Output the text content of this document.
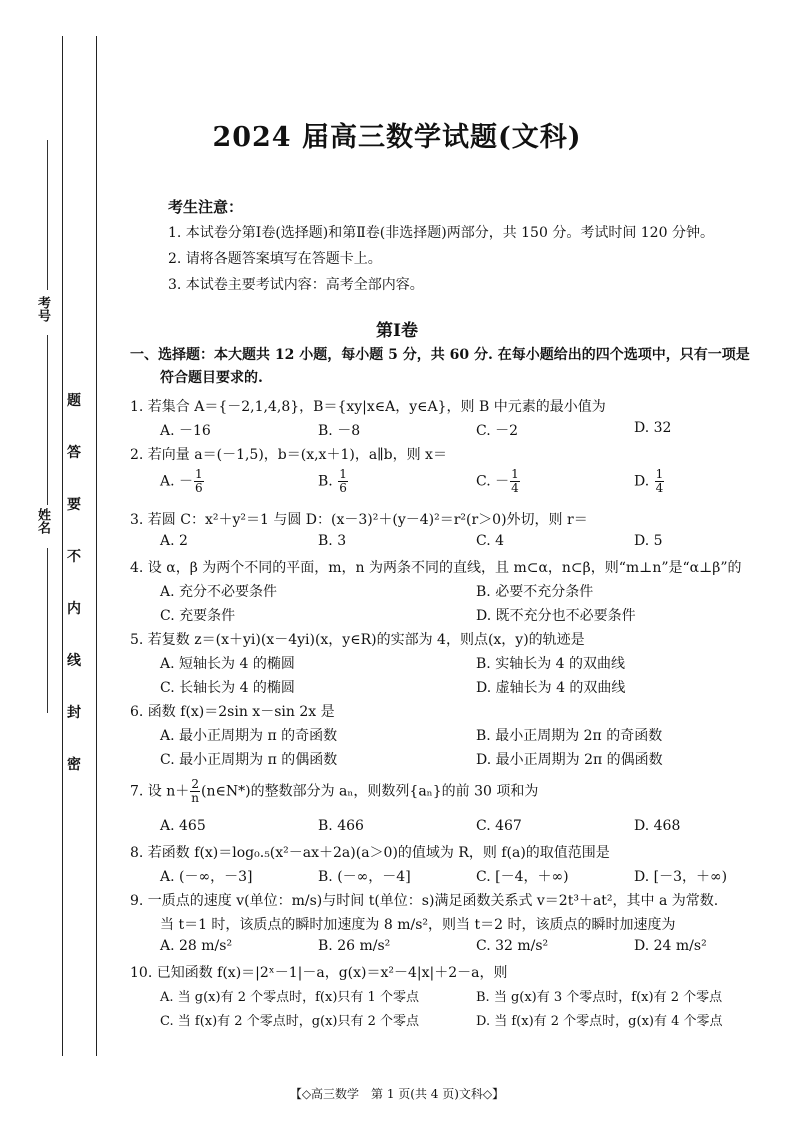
考号
姓名
题
答
要
不
内
线
封
密
2024 届高三数学试题(文科)
考生注意：
1. 本试卷分第Ⅰ卷(选择题)和第Ⅱ卷(非选择题)两部分，共 150 分。考试时间 120 分钟。
2. 请将各题答案填写在答题卡上。
3. 本试卷主要考试内容：高考全部内容。
第Ⅰ卷
一、选择题：本大题共 12 小题，每小题 5 分，共 60 分. 在每小题给出的四个选项中，只有一项是
符合题目要求的.
1. 若集合 A＝{－2,1,4,8}，B＝{xy|x∈A，y∈A}，则 B 中元素的最小值为
A. －16	B. －8	C. －2	D. 32
2. 若向量 a＝(－1,5)，b＝(x,x＋1)，a∥b，则 x＝
A. － $\frac{1}{6}$	B. $\frac{1}{6}$	C. － $\frac{1}{4}$	D. $\frac{1}{4}$
3. 若圆 C：x²＋y²＝1 与圆 D：(x－3)²＋(y－4)²＝r²(r＞0)外切，则 r＝
A. 2	B. 3	C. 4	D. 5
4. 设 α，β 为两个不同的平面，m，n 为两条不同的直线，且 m⊂α，n⊂β，则“m⊥n”是“α⊥β”的
A. 充分不必要条件	B. 必要不充分条件
C. 充要条件	D. 既不充分也不必要条件
5. 若复数 z＝(x＋yi)(x－4yi)(x，y∈R)的实部为 4，则点(x，y)的轨迹是
A. 短轴长为 4 的椭圆	B. 实轴长为 4 的双曲线
C. 长轴长为 4 的椭圆	D. 虚轴长为 4 的双曲线
6. 函数 f(x)＝2sin x－sin 2x 是
A. 最小正周期为 π 的奇函数	B. 最小正周期为 2π 的奇函数
C. 最小正周期为 π 的偶函数	D. 最小正周期为 2π 的偶函数
7. 设 $n+ \frac{2}{n}$ (n∈N*)的整数部分为 aₙ，则数列{aₙ}的前 30 项和为
A. 465	B. 466	C. 467	D. 468
8. 若函数 f(x)＝log₀.₅(x²－ax＋2a)(a＞0)的值域为 R，则 f(a)的取值范围是
A. (－∞，－3]	B. (－∞，－4]	C. [－4，＋∞)	D. [－3，＋∞)
9. 一质点的速度 v(单位：m/s)与时间 t(单位：s)满足函数关系式 v＝2t³＋at²，其中 a 为常数.
当 t＝1 时，该质点的瞬时加速度为 8 m/s²，则当 t＝2 时，该质点的瞬时加速度为
A. 28 m/s²	B. 26 m/s²	C. 32 m/s²	D. 24 m/s²
10. 已知函数 f(x)＝|2ˣ－1|－a，g(x)＝x²－4|x|＋2－a，则
A. 当 g(x)有 2 个零点时，f(x)只有 1 个零点	B. 当 g(x)有 3 个零点时，f(x)有 2 个零点
C. 当 f(x)有 2 个零点时，g(x)只有 2 个零点	D. 当 f(x)有 2 个零点时，g(x)有 4 个零点
【◇高三数学　第 1 页(共 4 页)文科◇】
